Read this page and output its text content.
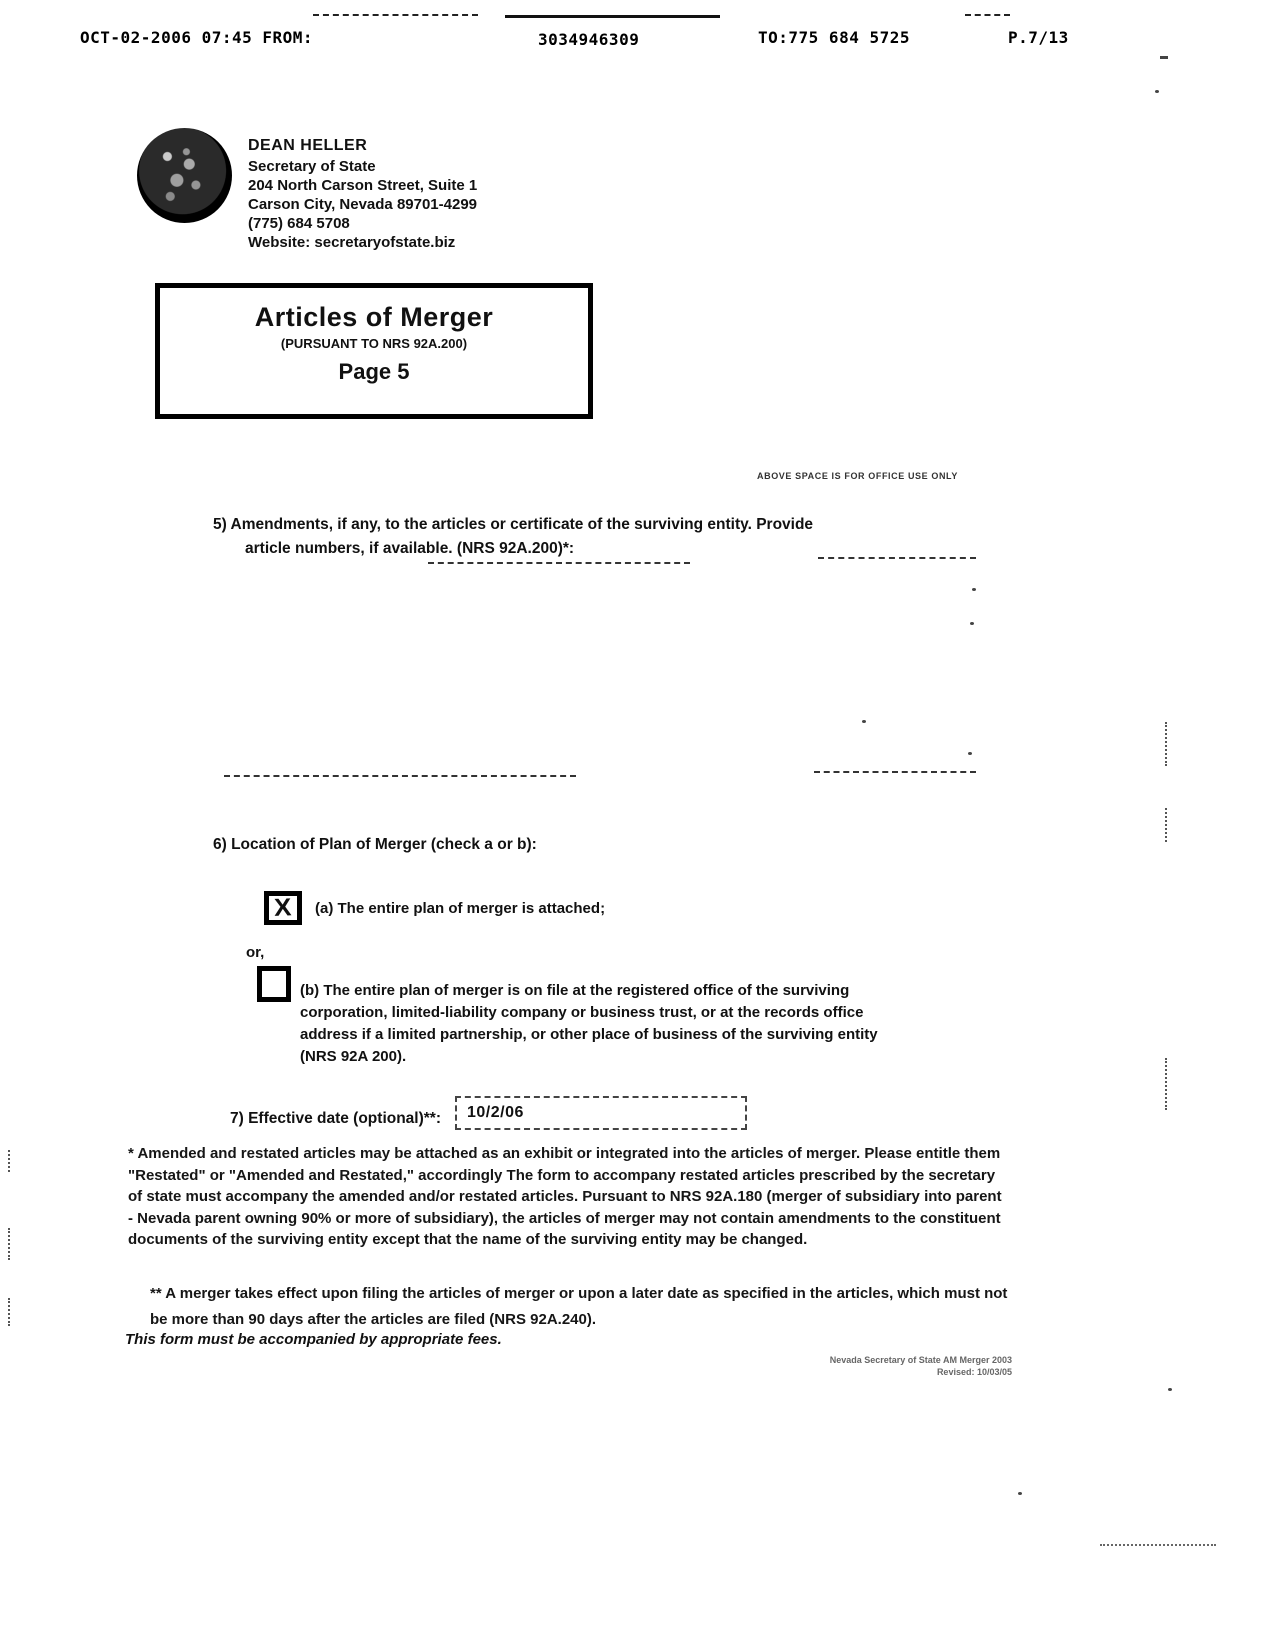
OCT-02-2006 07:45 FROM:	3034946309	TO:775 684 5725	P.7/13
DEAN HELLER
Secretary of State
204 North Carson Street, Suite 1
Carson City, Nevada 89701-4299
(775) 684 5708
Website: secretaryofstate.biz
Articles of Merger
(PURSUANT TO NRS 92A.200)
Page 5
ABOVE SPACE IS FOR OFFICE USE ONLY
5) Amendments, if any, to the articles or certificate of the surviving entity. Provide
article numbers, if available. (NRS 92A.200)*:
6) Location of Plan of Merger (check a or b):
X (a) The entire plan of merger is attached;
or,
(b) The entire plan of merger is on file at the registered office of the surviving corporation, limited-liability company or business trust, or at the records office address if a limited partnership, or other place of business of the surviving entity (NRS 92A 200).
7) Effective date (optional)**: 10/2/06
* Amended and restated articles may be attached as an exhibit or integrated into the articles of merger. Please entitle them "Restated" or "Amended and Restated," accordingly The form to accompany restated articles prescribed by the secretary of state must accompany the amended and/or restated articles. Pursuant to NRS 92A.180 (merger of subsidiary into parent - Nevada parent owning 90% or more of subsidiary), the articles of merger may not contain amendments to the constituent documents of the surviving entity except that the name of the surviving entity may be changed.
** A merger takes effect upon filing the articles of merger or upon a later date as specified in the articles, which must not be more than 90 days after the articles are filed (NRS 92A.240).
This form must be accompanied by appropriate fees.
Nevada Secretary of State AM Merger 2003
Revised: 10/03/05
